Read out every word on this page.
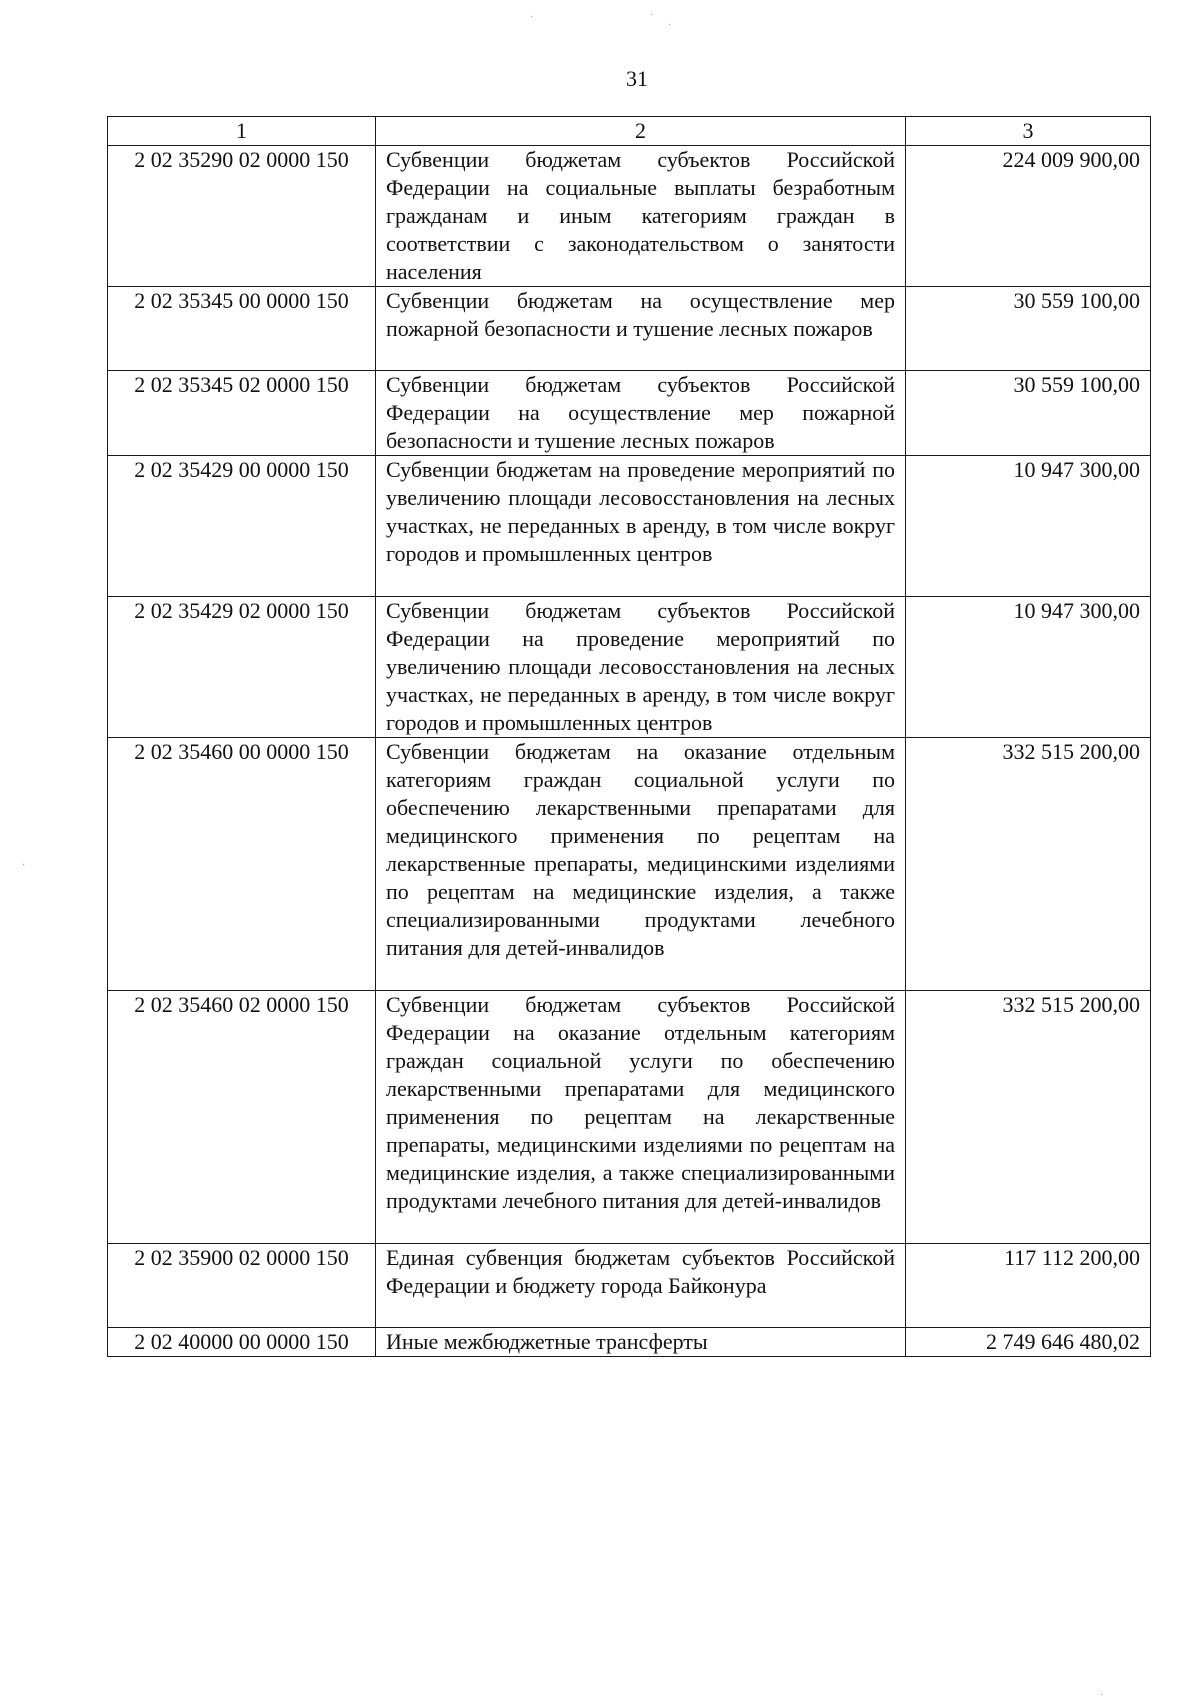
31
1	2	3
2 02 35290 02 0000 150	Субвенции бюджетам субъектов Российской Федерации на социальные выплаты безработным гражданам и иным категориям граждан в соответствии с законодательством о занятости населения	224 009 900,00
2 02 35345 00 0000 150	Субвенции бюджетам на осуществление мер пожарной безопасности и тушение лесных пожаров	30 559 100,00
2 02 35345 02 0000 150	Субвенции бюджетам субъектов Российской Федерации на осуществление мер пожарной безопасности и тушение лесных пожаров	30 559 100,00
2 02 35429 00 0000 150	Субвенции бюджетам на проведение мероприятий по увеличению площади лесовосстановления на лесных участках, не переданных в аренду, в том числе вокруг городов и промышленных центров	10 947 300,00
2 02 35429 02 0000 150	Субвенции бюджетам субъектов Российской Федерации на проведение мероприятий по увеличению площади лесовосстановления на лесных участках, не переданных в аренду, в том числе вокруг городов и промышленных центров	10 947 300,00
2 02 35460 00 0000 150	Субвенции бюджетам на оказание отдельным категориям граждан социальной услуги по обеспечению лекарственными препаратами для медицинского применения по рецептам на лекарственные препараты, медицинскими изделиями по рецептам на медицинские изделия, а также специализированными продуктами лечебного питания для детей-инвалидов	332 515 200,00
2 02 35460 02 0000 150	Субвенции бюджетам субъектов Российской Федерации на оказание отдельным категориям граждан социальной услуги по обеспечению лекарственными препаратами для медицинского применения по рецептам на лекарственные препараты, медицинскими изделиями по рецептам на медицинские изделия, а также специализированными продуктами лечебного питания для детей-инвалидов	332 515 200,00
2 02 35900 02 0000 150	Единая субвенция бюджетам субъектов Российской Федерации и бюджету города Байконура	117 112 200,00
2 02 40000 00 0000 150	Иные межбюджетные трансферты	2 749 646 480,02
·	·
·
·
·
